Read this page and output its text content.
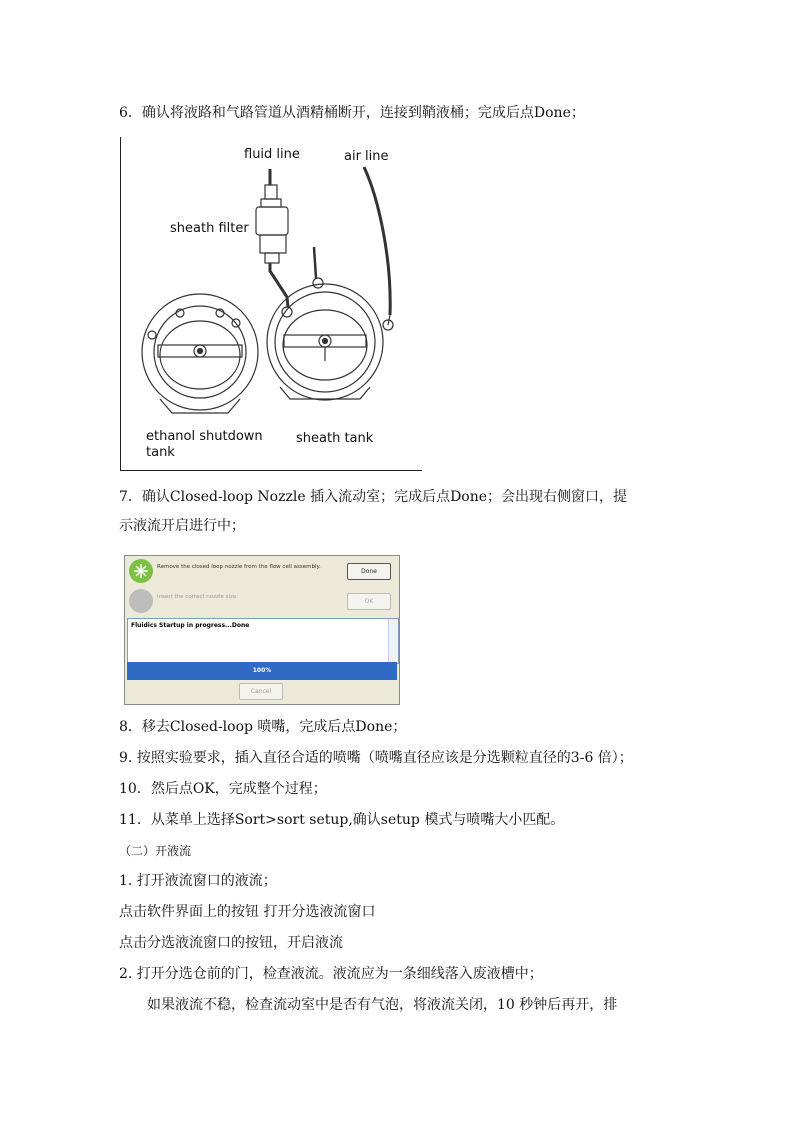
6．确认将液路和气路管道从酒精桶断开，连接到鞘液桶；完成后点Done；
fluid line	air line
sheath filter
ethanol shutdown
tank
sheath tank
7．确认Closed-loop Nozzle 插入流动室；完成后点Done；会出现右侧窗口，提
示液流开启进行中；
Remove the closed loop nozzle from the flow cell assembly.
Done
Insert the correct nozzle size.
OK
Fluidics Startup in progress...Done
100%
Cancel
8．移去Closed-loop 喷嘴，完成后点Done；
9. 按照实验要求，插入直径合适的喷嘴（喷嘴直径应该是分选颗粒直径的3-6 倍）；
10．然后点OK，完成整个过程；
11．从菜单上选择Sort>sort setup,确认setup 模式与喷嘴大小匹配。
（二）开液流
1. 打开液流窗口的液流；
点击软件界面上的按钮 打开分选液流窗口
点击分选液流窗口的按钮，开启液流
2. 打开分选仓前的门，检查液流。液流应为一条细线落入废液槽中；
如果液流不稳，检查流动室中是否有气泡，将液流关闭，10 秒钟后再开，排
